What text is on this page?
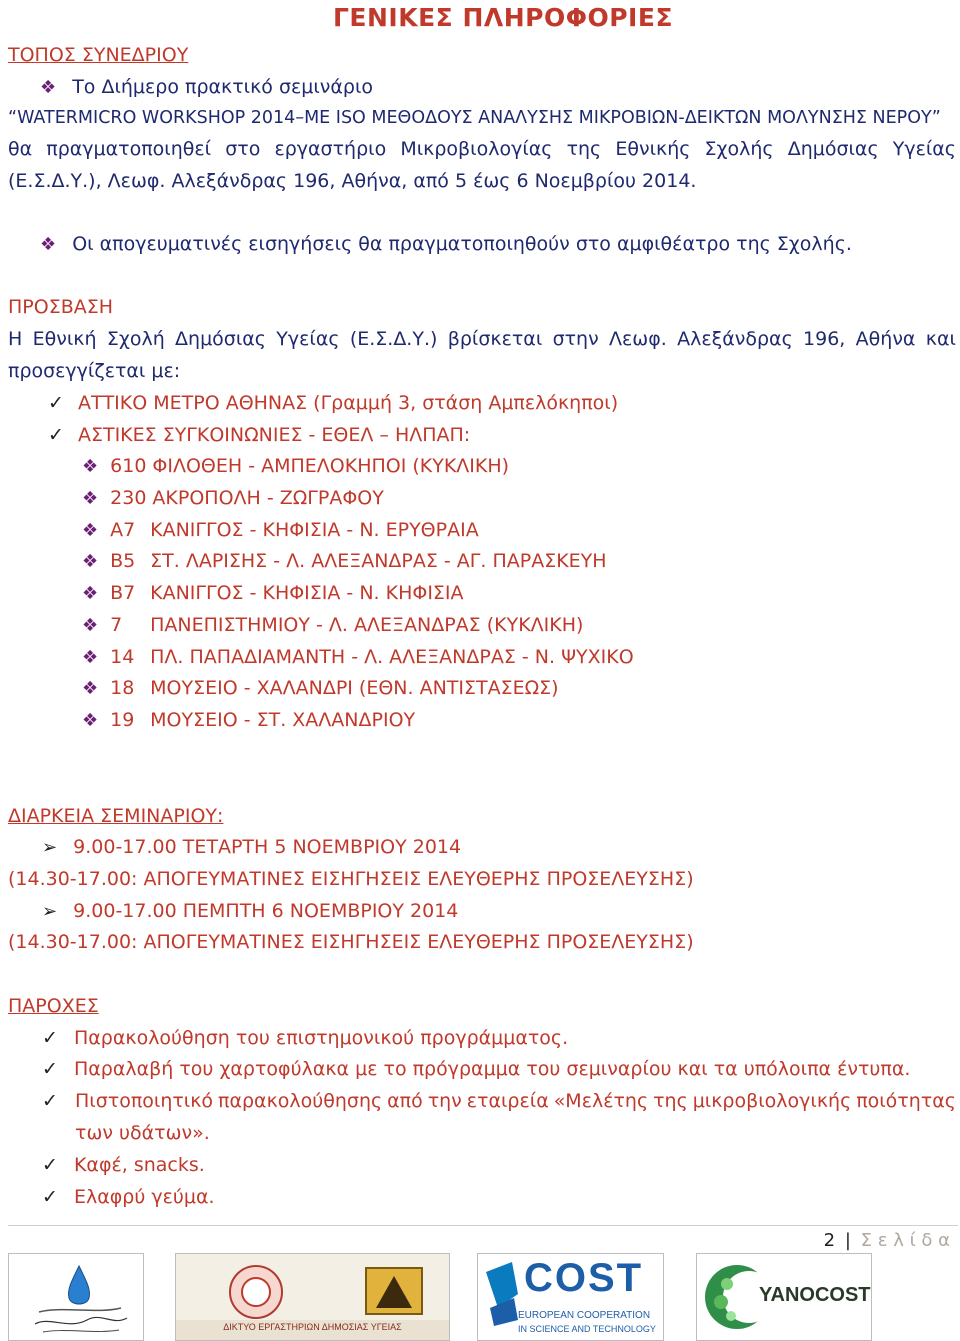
ΓΕΝΙΚΕΣ ΠΛΗΡΟΦΟΡΙΕΣ
ΤΟΠΟΣ ΣΥΝΕΔΡΙΟΥ
❖ Το Διήμερο πρακτικό σεμινάριο
“WATERMICRO WORKSHOP 2014–ΜΕ ISO ΜΕΘΟΔΟΥΣ ΑΝΑΛΥΣΗΣ ΜΙΚΡΟΒΙΩΝ-ΔΕΙΚΤΩΝ ΜΟΛΥΝΣΗΣ ΝΕΡΟΥ”
θα πραγματοποιηθεί στο εργαστήριο Μικροβιολογίας της Εθνικής Σχολής Δημόσιας Υγείας
(Ε.Σ.Δ.Υ.), Λεωφ. Αλεξάνδρας 196, Αθήνα, από 5 έως 6 Νοεμβρίου 2014.
❖ Οι απογευματινές εισηγήσεις θα πραγματοποιηθούν στο αμφιθέατρο της Σχολής.
ΠΡΟΣΒΑΣΗ
Η Εθνική Σχολή Δημόσιας Υγείας (Ε.Σ.Δ.Υ.) βρίσκεται στην Λεωφ. Αλεξάνδρας 196, Αθήνα και
προσεγγίζεται με:
✓ ΑΤΤΙΚΟ ΜΕΤΡΟ ΑΘΗΝΑΣ (Γραμμή 3, στάση Αμπελόκηποι)
✓ ΑΣΤΙΚΕΣ ΣΥΓΚΟΙΝΩΝΙΕΣ - ΕΘΕΛ – ΗΛΠΑΠ:
❖ 610 ΦΙΛΟΘΕΗ - ΑΜΠΕΛΟΚΗΠΟΙ (ΚΥΚΛΙΚΗ)
❖ 230 ΑΚΡΟΠΟΛΗ - ΖΩΓΡΑΦΟΥ
❖ Α7 ΚΑΝΙΓΓΟΣ - ΚΗΦΙΣΙΑ - Ν. ΕΡΥΘΡΑΙΑ
❖ Β5 ΣΤ. ΛΑΡΙΣΗΣ - Λ. ΑΛΕΞΑΝΔΡΑΣ - ΑΓ. ΠΑΡΑΣΚΕΥΗ
❖ Β7 ΚΑΝΙΓΓΟΣ - ΚΗΦΙΣΙΑ - Ν. ΚΗΦΙΣΙΑ
❖ 7 ΠΑΝΕΠΙΣΤΗΜΙΟΥ - Λ. ΑΛΕΞΑΝΔΡΑΣ (ΚΥΚΛΙΚΗ)
❖ 14 ΠΛ. ΠΑΠΑΔΙΑΜΑΝΤΗ - Λ. ΑΛΕΞΑΝΔΡΑΣ - Ν. ΨΥΧΙΚΟ
❖ 18 ΜΟΥΣΕΙΟ - ΧΑΛΑΝΔΡΙ (ΕΘΝ. ΑΝΤΙΣΤΑΣΕΩΣ)
❖ 19 ΜΟΥΣΕΙΟ - ΣΤ. ΧΑΛΑΝΔΡΙΟΥ
ΔΙΑΡΚΕΙΑ ΣΕΜΙΝΑΡΙΟΥ:
➢ 9.00-17.00 ΤΕΤΑΡΤΗ 5 ΝΟΕΜΒΡΙΟΥ 2014
(14.30-17.00: ΑΠΟΓΕΥΜΑΤΙΝΕΣ ΕΙΣΗΓΗΣΕΙΣ ΕΛΕΥΘΕΡΗΣ ΠΡΟΣΕΛΕΥΣΗΣ)
➢ 9.00-17.00 ΠΕΜΠΤΗ 6 ΝΟΕΜΒΡΙΟΥ 2014
(14.30-17.00: ΑΠΟΓΕΥΜΑΤΙΝΕΣ ΕΙΣΗΓΗΣΕΙΣ ΕΛΕΥΘΕΡΗΣ ΠΡΟΣΕΛΕΥΣΗΣ)
ΠΑΡΟΧΕΣ
✓ Παρακολούθηση του επιστημονικού προγράμματος.
✓ Παραλαβή του χαρτοφύλακα με το πρόγραμμα του σεμιναρίου και τα υπόλοιπα έντυπα.
✓ Πιστοποιητικό παρακολούθησης από την εταιρεία «Μελέτης της μικροβιολογικής ποιότητας
των υδάτων».
✓ Καφέ, snacks.
✓ Ελαφρύ γεύμα.
2 | Σ ε λ ί δ α
ΔΙΚΤΥΟ ΕΡΓΑΣΤΗΡΙΩΝ ΔΗΜΟΣΙΑΣ ΥΓΕΙΑΣ
COST
EUROPEAN COOPERATION
IN SCIENCE AND TECHNOLOGY
YANOCOST
